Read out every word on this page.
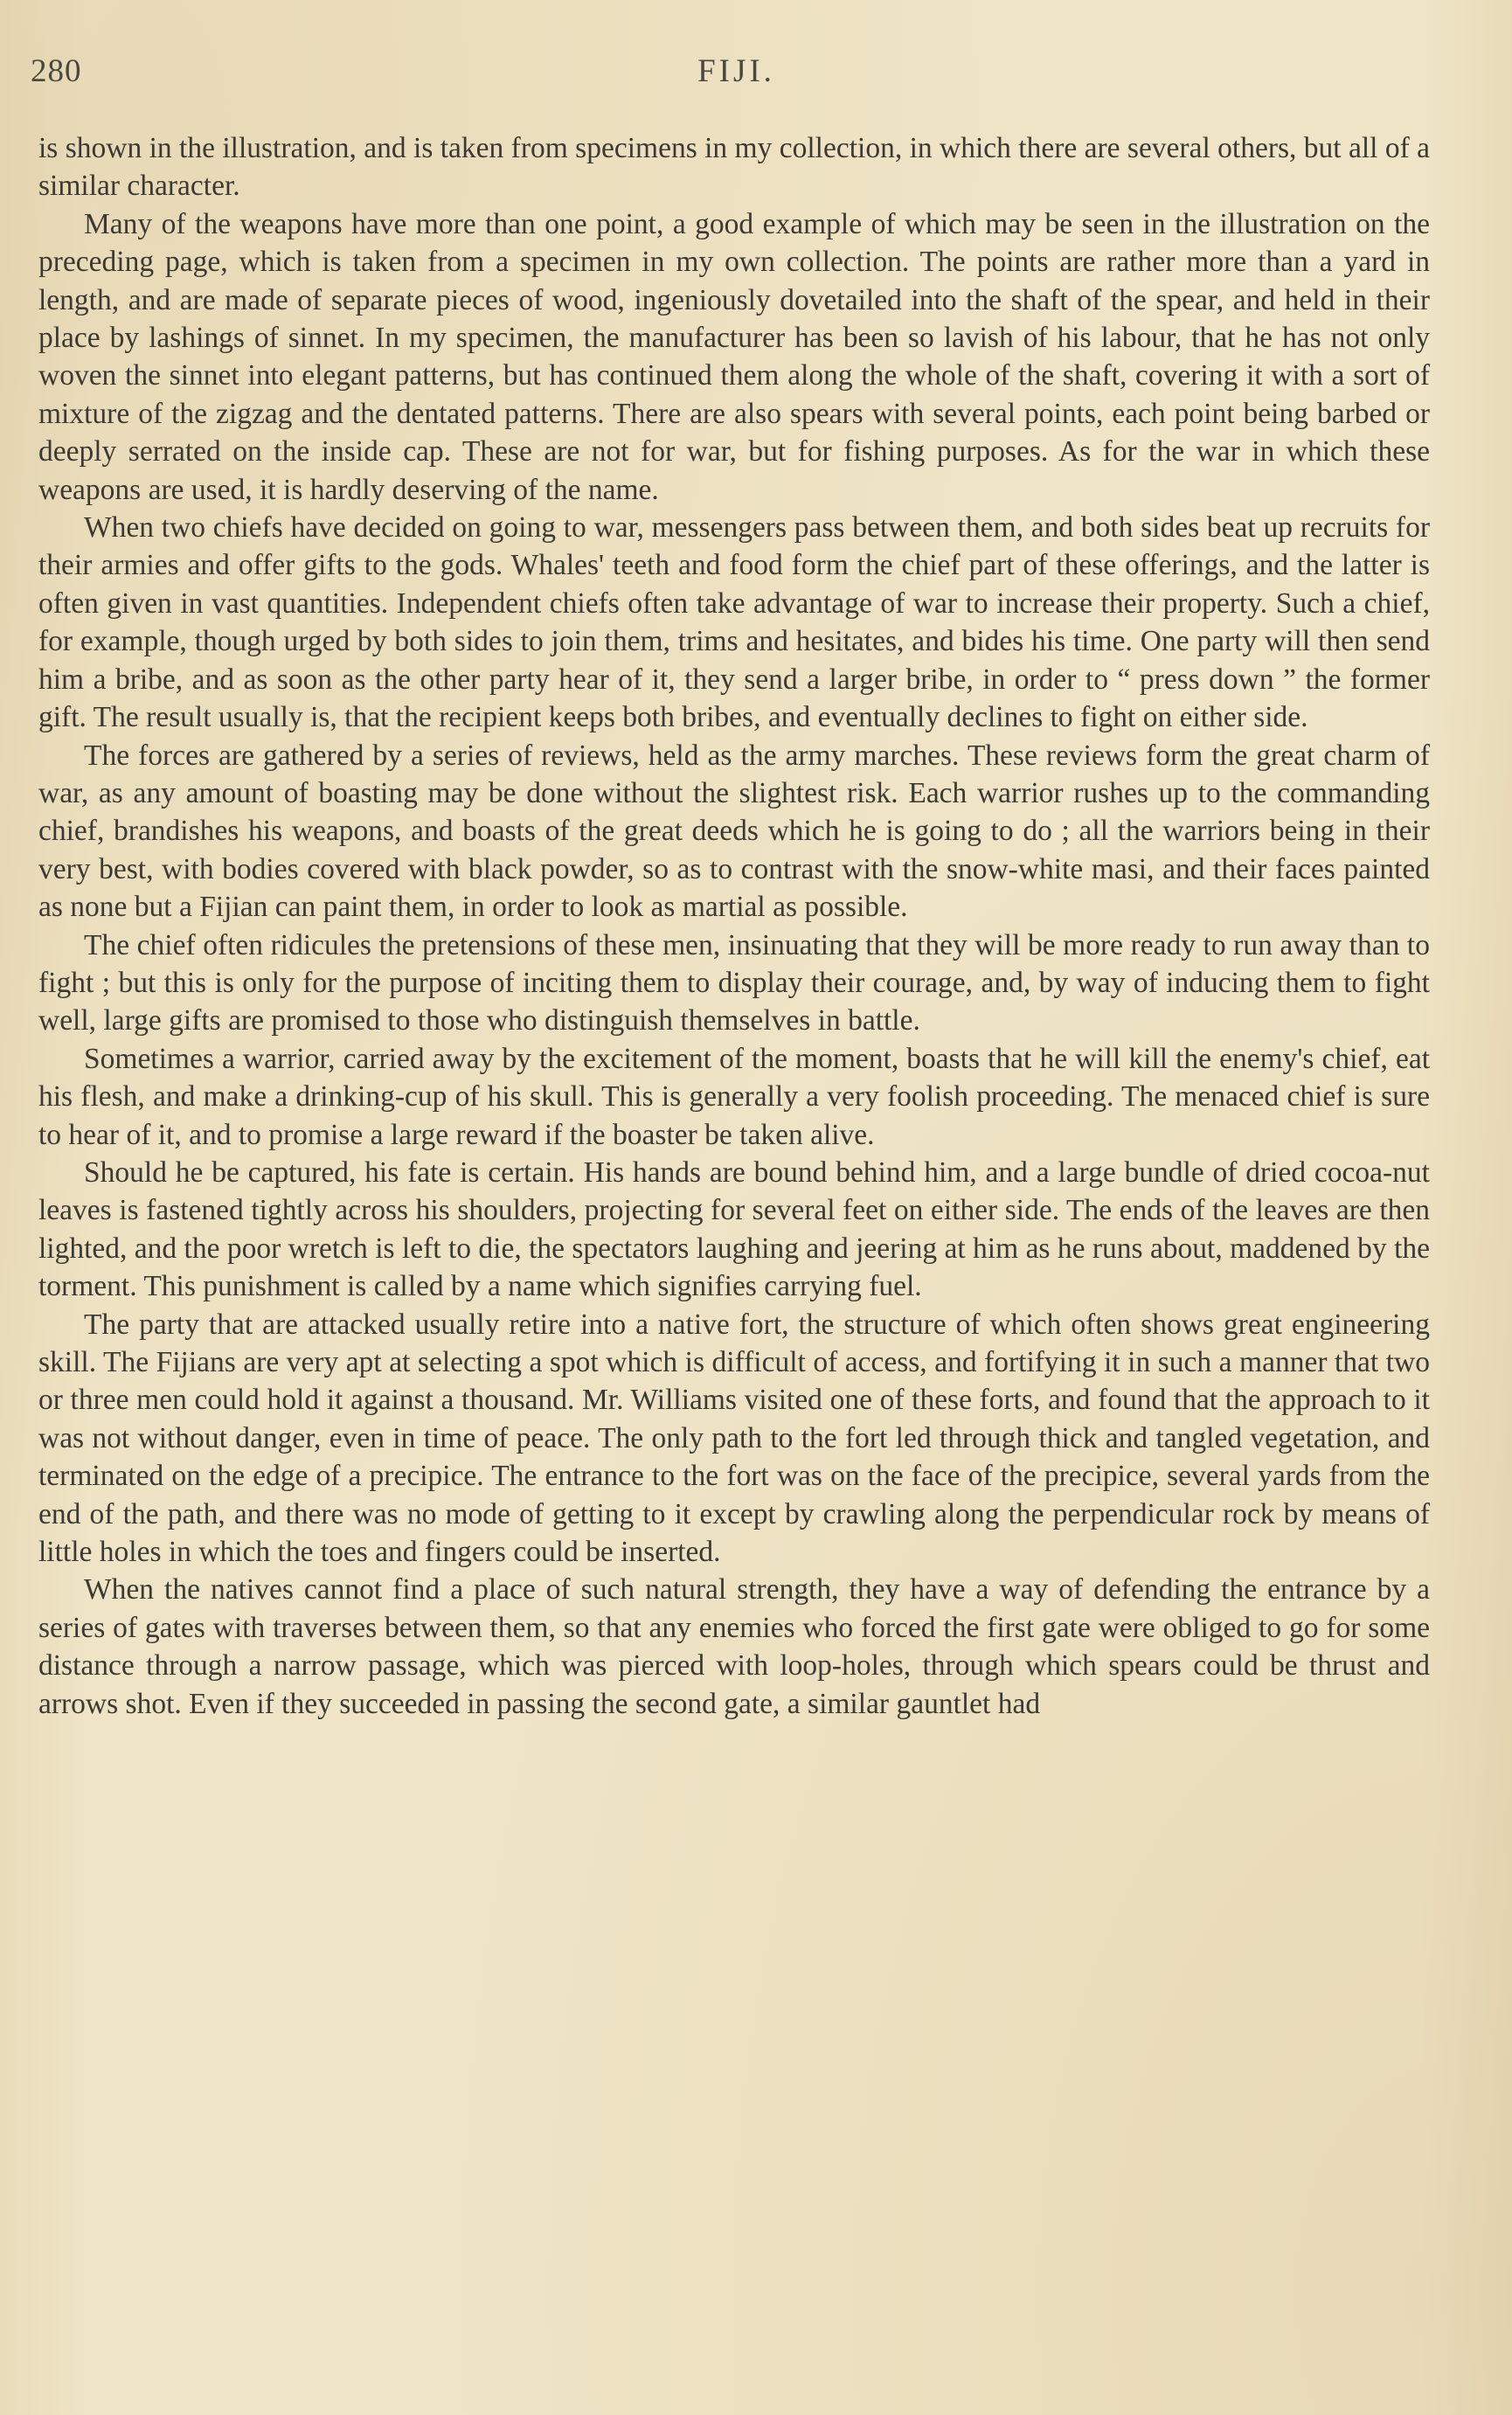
280	FIJI.

is shown in the illustration, and is taken from specimens in my collection, in which there are several others, but all of a similar character.

Many of the weapons have more than one point, a good example of which may be seen in the illustration on the preceding page, which is taken from a specimen in my own collection. The points are rather more than a yard in length, and are made of separate pieces of wood, ingeniously dovetailed into the shaft of the spear, and held in their place by lashings of sinnet. In my specimen, the manufacturer has been so lavish of his labour, that he has not only woven the sinnet into elegant patterns, but has continued them along the whole of the shaft, covering it with a sort of mixture of the zigzag and the dentated patterns. There are also spears with several points, each point being barbed or deeply serrated on the inside cap. These are not for war, but for fishing purposes. As for the war in which these weapons are used, it is hardly deserving of the name.

When two chiefs have decided on going to war, messengers pass between them, and both sides beat up recruits for their armies and offer gifts to the gods. Whales' teeth and food form the chief part of these offerings, and the latter is often given in vast quantities. Independent chiefs often take advantage of war to increase their property. Such a chief, for example, though urged by both sides to join them, trims and hesitates, and bides his time. One party will then send him a bribe, and as soon as the other party hear of it, they send a larger bribe, in order to “ press down ” the former gift. The result usually is, that the recipient keeps both bribes, and eventually declines to fight on either side.

The forces are gathered by a series of reviews, held as the army marches. These reviews form the great charm of war, as any amount of boasting may be done without the slightest risk. Each warrior rushes up to the commanding chief, brandishes his weapons, and boasts of the great deeds which he is going to do ; all the warriors being in their very best, with bodies covered with black powder, so as to contrast with the snow-white masi, and their faces painted as none but a Fijian can paint them, in order to look as martial as possible.

The chief often ridicules the pretensions of these men, insinuating that they will be more ready to run away than to fight ; but this is only for the purpose of inciting them to display their courage, and, by way of inducing them to fight well, large gifts are promised to those who distinguish themselves in battle.

Sometimes a warrior, carried away by the excitement of the moment, boasts that he will kill the enemy's chief, eat his flesh, and make a drinking-cup of his skull. This is generally a very foolish proceeding. The menaced chief is sure to hear of it, and to promise a large reward if the boaster be taken alive.

Should he be captured, his fate is certain. His hands are bound behind him, and a large bundle of dried cocoa-nut leaves is fastened tightly across his shoulders, projecting for several feet on either side. The ends of the leaves are then lighted, and the poor wretch is left to die, the spectators laughing and jeering at him as he runs about, maddened by the torment. This punishment is called by a name which signifies carrying fuel.

The party that are attacked usually retire into a native fort, the structure of which often shows great engineering skill. The Fijians are very apt at selecting a spot which is difficult of access, and fortifying it in such a manner that two or three men could hold it against a thousand. Mr. Williams visited one of these forts, and found that the approach to it was not without danger, even in time of peace. The only path to the fort led through thick and tangled vegetation, and terminated on the edge of a precipice. The entrance to the fort was on the face of the precipice, several yards from the end of the path, and there was no mode of getting to it except by crawling along the perpendicular rock by means of little holes in which the toes and fingers could be inserted.

When the natives cannot find a place of such natural strength, they have a way of defending the entrance by a series of gates with traverses between them, so that any enemies who forced the first gate were obliged to go for some distance through a narrow passage, which was pierced with loop-holes, through which spears could be thrust and arrows shot. Even if they succeeded in passing the second gate, a similar gauntlet had
